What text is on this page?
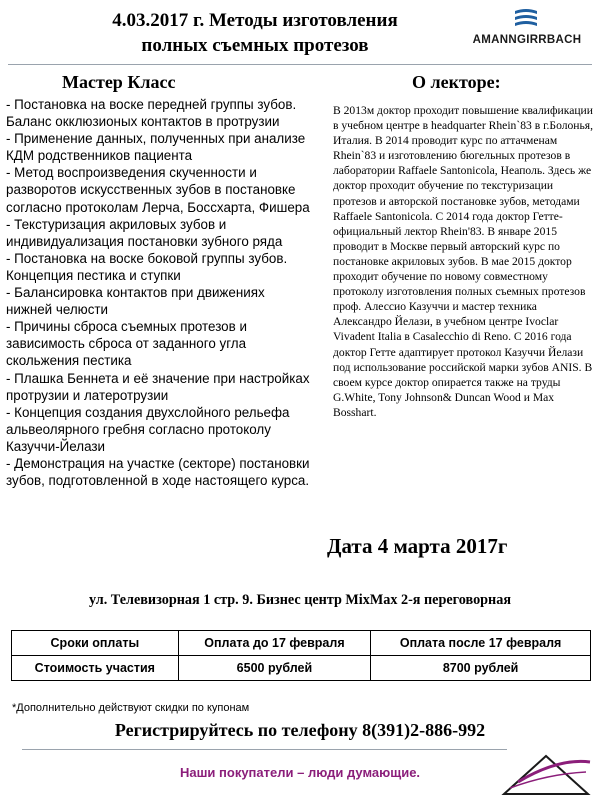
4.03.2017 г. Методы изготовления
полных съемных протезов	AMANNGIRRBACH
Мастер Класс	О лекторе:

- Постановка на воске передней группы зубов. Баланс окклюзионых контактов в протрузии

- Применение данных, полученных при анализе КДМ родственников пациента

- Метод воспроизведения скученности и разворотов искусственных зубов в постановке согласно протоколам Лерча, Боссхарта, Фишера

- Текстуризация акриловых зубов и индивидуализация постановки зубного ряда

- Постановка на воске боковой группы зубов. Концепция пестика и ступки

- Балансировка контактов при движениях нижней челюсти

- Причины сброса съемных протезов и зависимость сброса от заданного угла скольжения пестика

- Плашка Беннета и её значение при настройках протрузии и латеротрузии

- Концепция создания двухслойного рельефа альвеолярного гребня согласно протоколу Казуччи-Йелази

- Демонстрация на участке (секторе) постановки зубов, подготовленной в ходе настоящего курса.

В 2013м доктор проходит повышение квалификации в учебном центре в headquarter Rhein`83 в г.Болонья, Италия. В 2014 проводит курс по аттачменам Rhein`83 и изготовлению бюгельных протезов в лаборатории Raffaele Santonicola, Неаполь. Здесь же доктор проходит обучение по текстуризации протезов и авторской постановке зубов, методами Raffaele Santonicola. С 2014 года доктор Гетте- официальный лектор Rhein'83. В январе 2015 проводит в Москве первый авторский курс по постановке акриловых зубов. В мае 2015 доктор проходит обучение по новому совместному протоколу изготовления полных съемных протезов проф. Алессио Казуччи и мастер техника Александро Йелази, в учебном центре Ivoclar Vivadent Italia в Casalecchio di Reno. С 2016 года доктор Гетте адаптирует протокол Казуччи Йелази под использование российской марки зубов ANIS. В своем курсе доктор опирается также на труды G.White, Tony Johnson& Duncan Wood и Max Bosshart.
Дата 4 марта 2017г
ул. Телевизорная 1 стр. 9. Бизнес центр MixMax 2-я переговорная
Сроки оплаты	Оплата до 17 февраля	Оплата после 17 февраля
Стоимость участия	6500 рублей	8700 рублей
*Дополнительно действуют скидки по купонам
Регистрируйтесь по телефону 8(391)2-886-992
Наши покупатели – люди думающие.
